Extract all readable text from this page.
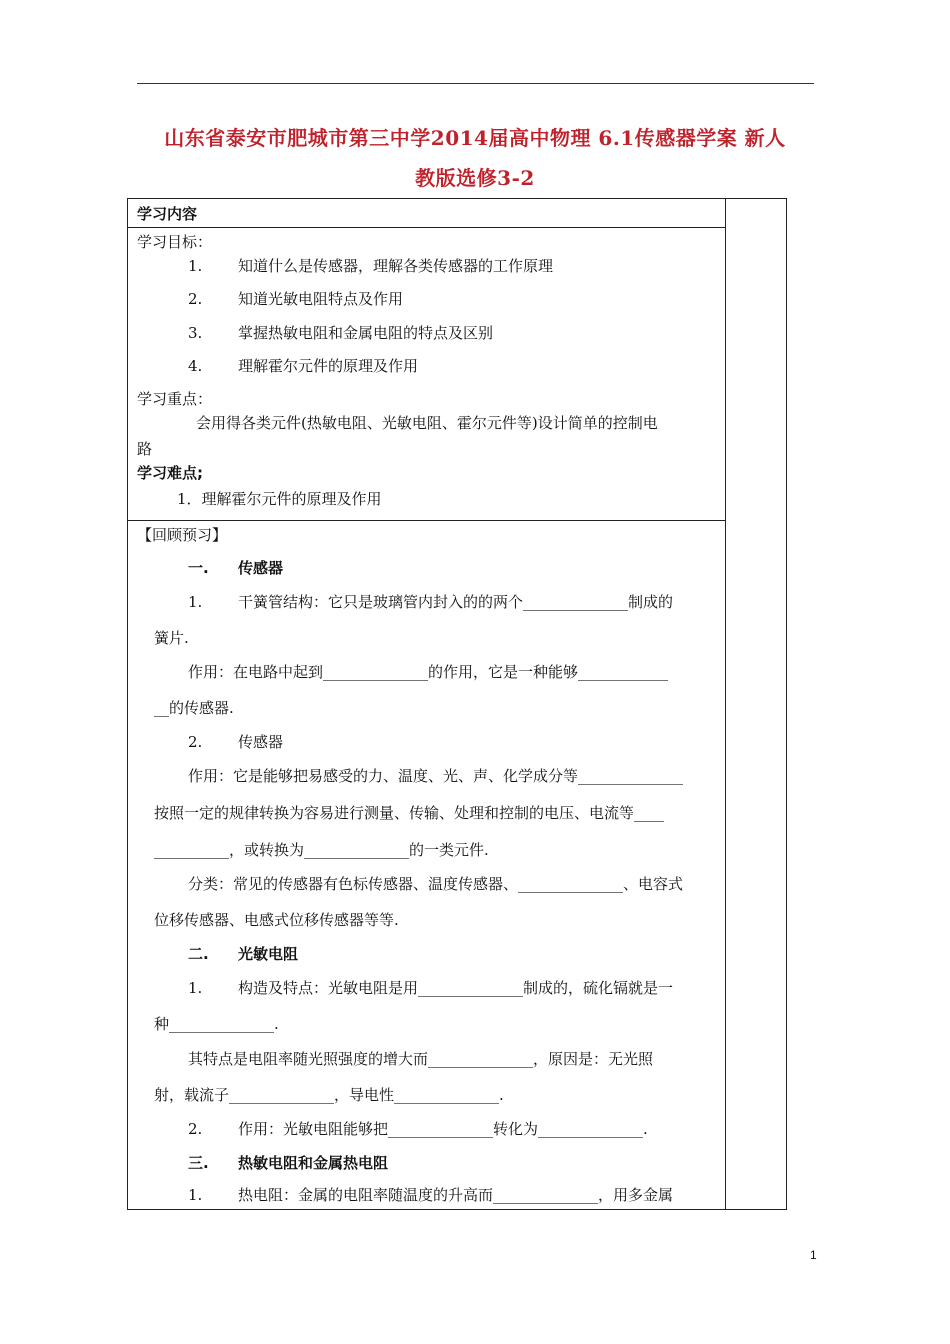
山东省泰安市肥城市第三中学2014届高中物理 6.1传感器学案 新人
教版选修3-2
学习内容
学习目标：
1. 知道什么是传感器，理解各类传感器的工作原理
2. 知道光敏电阻特点及作用
3. 掌握热敏电阻和金属电阻的特点及区别
4. 理解霍尔元件的原理及作用
学习重点：
会用得各类元件(热敏电阻、光敏电阻、霍尔元件等)设计简单的控制电
路
学习难点;
1．理解霍尔元件的原理及作用
【回顾预习】
一. 传感器
1. 干簧管结构：它只是玻璃管内封入的的两个______________制成的
簧片.
作用：在电路中起到______________的作用，它是一种能够____________
__的传感器.
2. 传感器
作用：它是能够把易感受的力、温度、光、声、化学成分等______________
按照一定的规律转换为容易进行测量、传输、处理和控制的电压、电流等____
__________，或转换为______________的一类元件.
分类：常见的传感器有色标传感器、温度传感器、______________、电容式
位移传感器、电感式位移传感器等等.
二. 光敏电阻
1. 构造及特点：光敏电阻是用______________制成的，硫化镉就是一
种______________.
其特点是电阻率随光照强度的增大而______________，原因是：无光照
射，载流子______________，导电性______________.
2. 作用：光敏电阻能够把______________转化为______________.
三. 热敏电阻和金属热电阻
1. 热电阻：金属的电阻率随温度的升高而______________，用多金属
1
